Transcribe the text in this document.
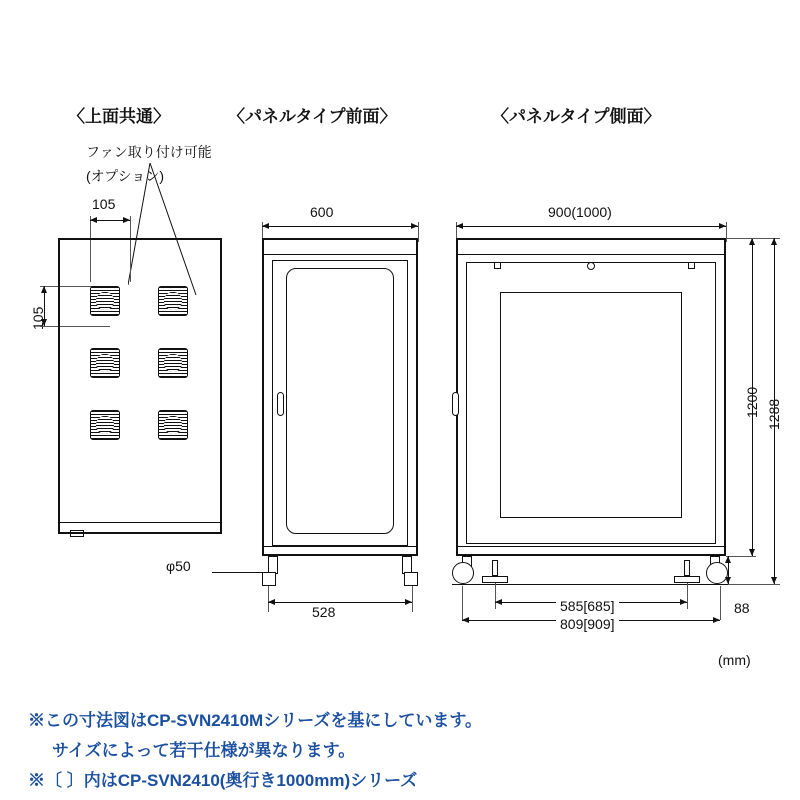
〈上面共通〉	〈パネルタイプ前面〉	〈パネルタイプ側面〉
ファン取り付け可能
(オプション)
105
105
600
φ50
528
900(1000)
1200 1288
88
585[685]
809[909]
(mm)
※この寸法図はCP-SVN2410Mシリーズを基にしています。
サイズによって若干仕様が異なります。
※〔 〕内はCP-SVN2410(奥行き1000mm)シリーズ
